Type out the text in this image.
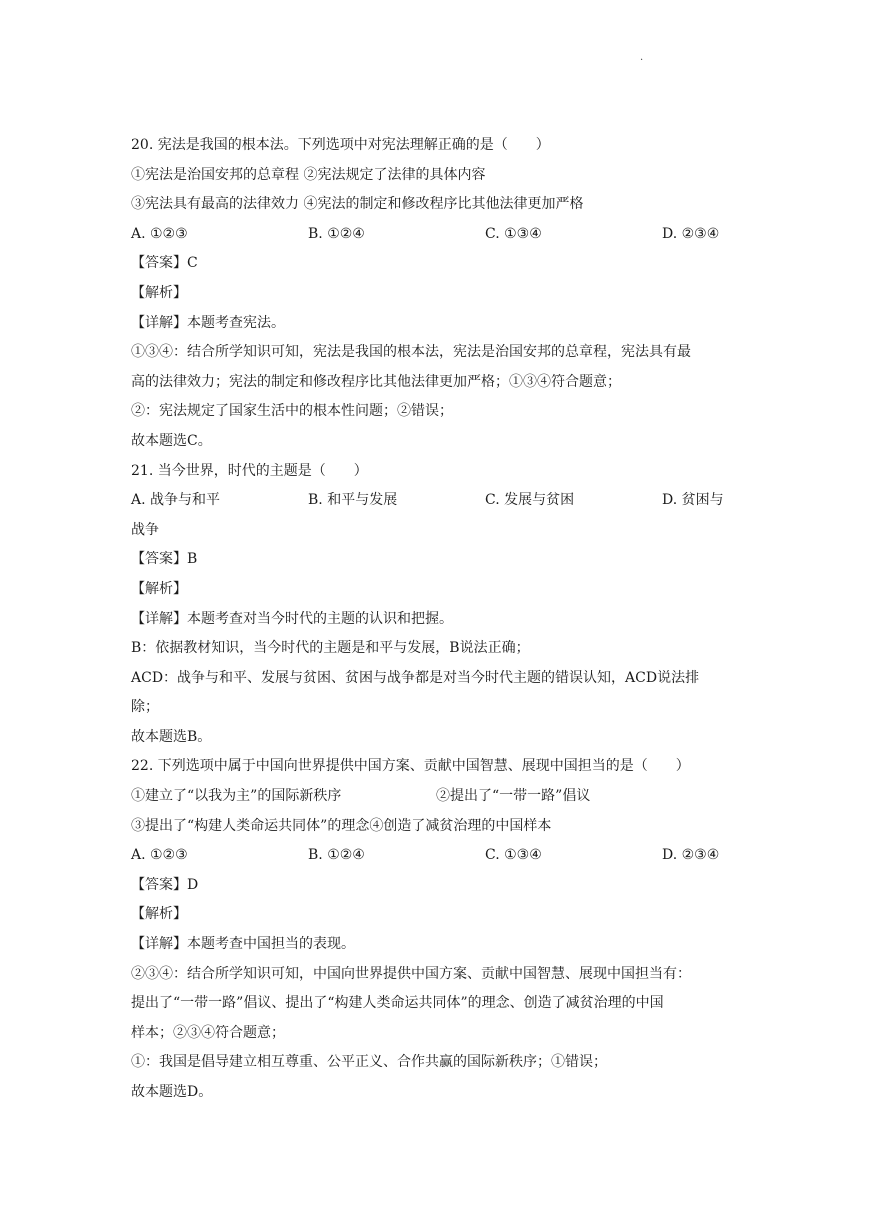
.
20. 宪法是我国的根本法。下列选项中对宪法理解正确的是（　　）
①宪法是治国安邦的总章程 ②宪法规定了法律的具体内容
③宪法具有最高的法律效力 ④宪法的制定和修改程序比其他法律更加严格
A. ①②③	B. ①②④	C. ①③④	D. ②③④
【答案】C
【解析】
【详解】本题考查宪法。
①③④：结合所学知识可知，宪法是我国的根本法，宪法是治国安邦的总章程，宪法具有最
高的法律效力；宪法的制定和修改程序比其他法律更加严格；①③④符合题意；
②：宪法规定了国家生活中的根本性问题；②错误；
故本题选C。
21. 当今世界，时代的主题是（　　）
A. 战争与和平	B. 和平与发展	C. 发展与贫困	D. 贫困与
战争
【答案】B
【解析】
【详解】本题考查对当今时代的主题的认识和把握。
B：依据教材知识，当今时代的主题是和平与发展，B说法正确；
ACD：战争与和平、发展与贫困、贫困与战争都是对当今时代主题的错误认知，ACD说法排
除；
故本题选B。
22. 下列选项中属于中国向世界提供中国方案、贡献中国智慧、展现中国担当的是（　　）
①建立了“以我为主”的国际新秩序	②提出了“一带一路”倡议
③提出了“构建人类命运共同体”的理念④创造了减贫治理的中国样本
A. ①②③	B. ①②④	C. ①③④	D. ②③④
【答案】D
【解析】
【详解】本题考查中国担当的表现。
②③④：结合所学知识可知，中国向世界提供中国方案、贡献中国智慧、展现中国担当有：
提出了“一带一路”倡议、提出了“构建人类命运共同体”的理念、创造了减贫治理的中国
样本；②③④符合题意；
①：我国是倡导建立相互尊重、公平正义、合作共赢的国际新秩序；①错误；
故本题选D。
